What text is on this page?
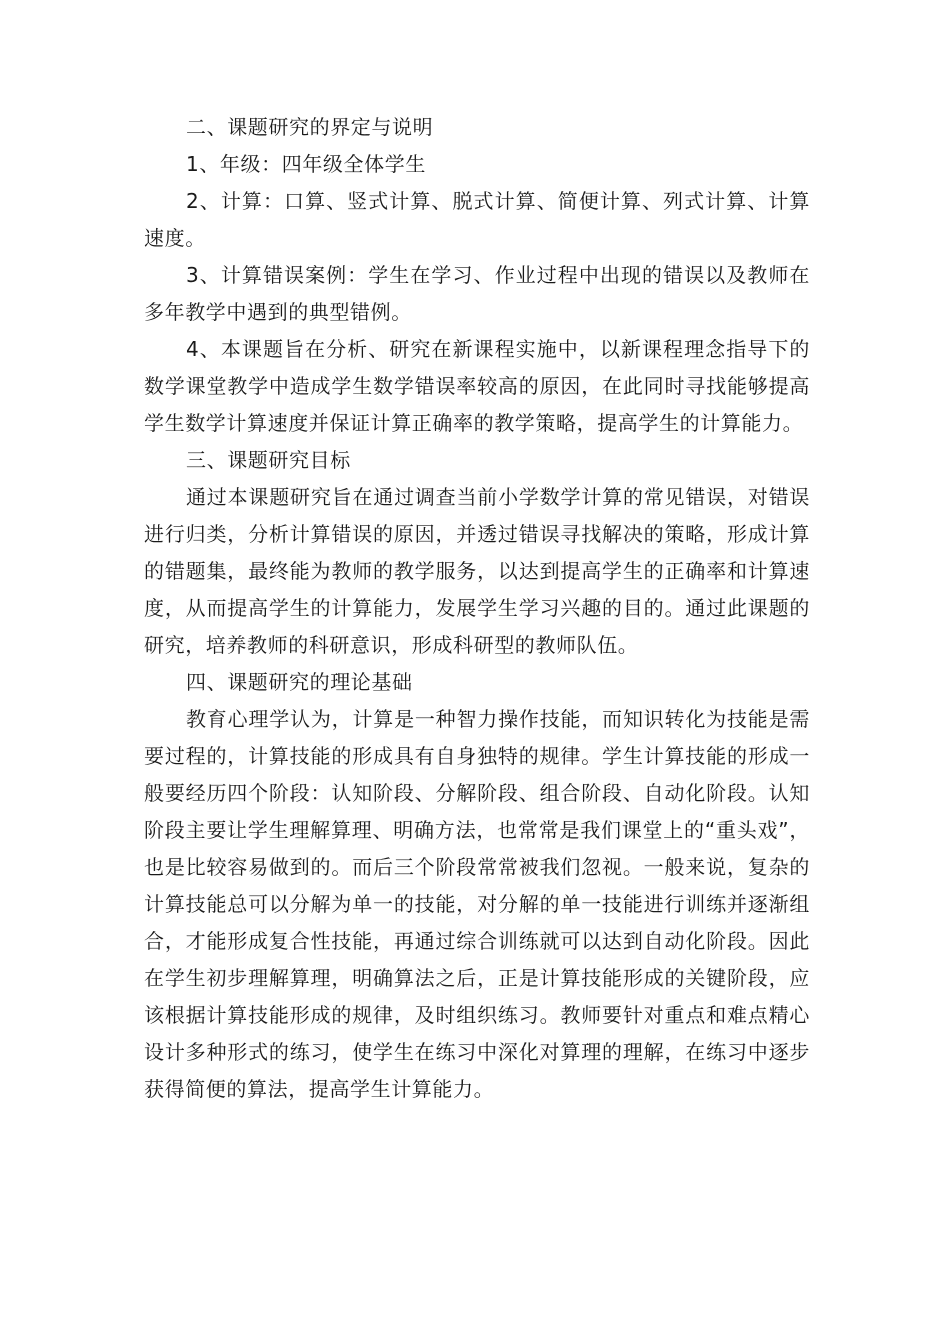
二、课题研究的界定与说明

1、年级：四年级全体学生

2、计算：口算、竖式计算、脱式计算、简便计算、列式计算、计算速度。

3、计算错误案例：学生在学习、作业过程中出现的错误以及教师在多年教学中遇到的典型错例。

4、本课题旨在分析、研究在新课程实施中，以新课程理念指导下的数学课堂教学中造成学生数学错误率较高的原因，在此同时寻找能够提高学生数学计算速度并保证计算正确率的教学策略，提高学生的计算能力。

三、课题研究目标

通过本课题研究旨在通过调查当前小学数学计算的常见错误，对错误进行归类，分析计算错误的原因，并透过错误寻找解决的策略，形成计算的错题集，最终能为教师的教学服务，以达到提高学生的正确率和计算速度，从而提高学生的计算能力，发展学生学习兴趣的目的。通过此课题的研究，培养教师的科研意识，形成科研型的教师队伍。

四、课题研究的理论基础

教育心理学认为，计算是一种智力操作技能，而知识转化为技能是需要过程的，计算技能的形成具有自身独特的规律。学生计算技能的形成一般要经历四个阶段：认知阶段、分解阶段、组合阶段、自动化阶段。认知阶段主要让学生理解算理、明确方法，也常常是我们课堂上的“重头戏”，也是比较容易做到的。而后三个阶段常常被我们忽视。一般来说，复杂的计算技能总可以分解为单一的技能，对分解的单一技能进行训练并逐渐组合，才能形成复合性技能，再通过综合训练就可以达到自动化阶段。因此在学生初步理解算理，明确算法之后，正是计算技能形成的关键阶段，应该根据计算技能形成的规律，及时组织练习。教师要针对重点和难点精心设计多种形式的练习，使学生在练习中深化对算理的理解，在练习中逐步获得简便的算法，提高学生计算能力。
